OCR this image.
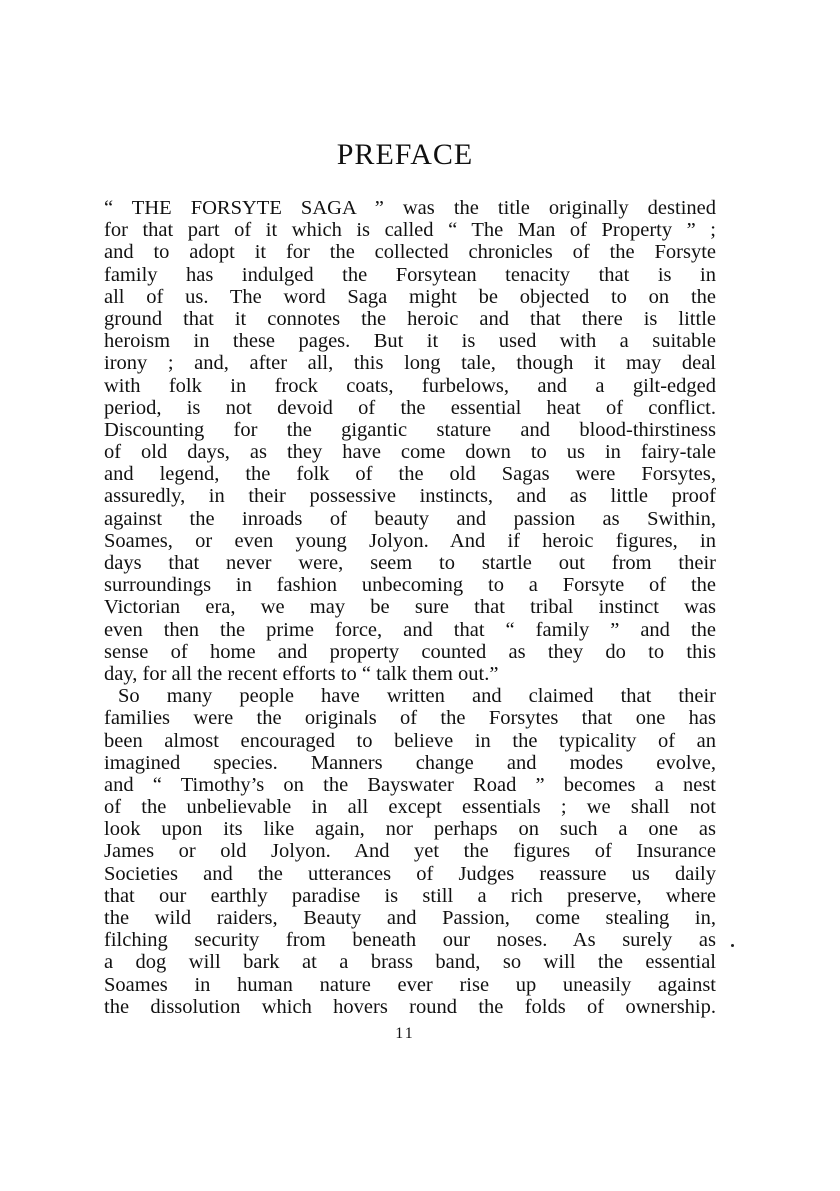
PREFACE
“ THE FORSYTE SAGA ” was the title originally destined
for that part of it which is called “ The Man of Property ” ;
and to adopt it for the collected chronicles of the Forsyte
family has indulged the Forsytean tenacity that is in
all of us. The word Saga might be objected to on the
ground that it connotes the heroic and that there is little
heroism in these pages. But it is used with a suitable
irony ; and, after all, this long tale, though it may deal
with folk in frock coats, furbelows, and a gilt-edged
period, is not devoid of the essential heat of conflict.
Discounting for the gigantic stature and blood-thirstiness
of old days, as they have come down to us in fairy-tale
and legend, the folk of the old Sagas were Forsytes,
assuredly, in their possessive instincts, and as little proof
against the inroads of beauty and passion as Swithin,
Soames, or even young Jolyon. And if heroic figures, in
days that never were, seem to startle out from their
surroundings in fashion unbecoming to a Forsyte of the
Victorian era, we may be sure that tribal instinct was
even then the prime force, and that “ family ” and the
sense of home and property counted as they do to this
day, for all the recent efforts to “ talk them out.”
So many people have written and claimed that their
families were the originals of the Forsytes that one has
been almost encouraged to believe in the typicality of an
imagined species. Manners change and modes evolve,
and “ Timothy’s on the Bayswater Road ” becomes a nest
of the unbelievable in all except essentials ; we shall not
look upon its like again, nor perhaps on such a one as
James or old Jolyon. And yet the figures of Insurance
Societies and the utterances of Judges reassure us daily
that our earthly paradise is still a rich preserve, where
the wild raiders, Beauty and Passion, come stealing in,
filching security from beneath our noses. As surely as
a dog will bark at a brass band, so will the essential
Soames in human nature ever rise up uneasily against
the dissolution which hovers round the folds of ownership.
11
